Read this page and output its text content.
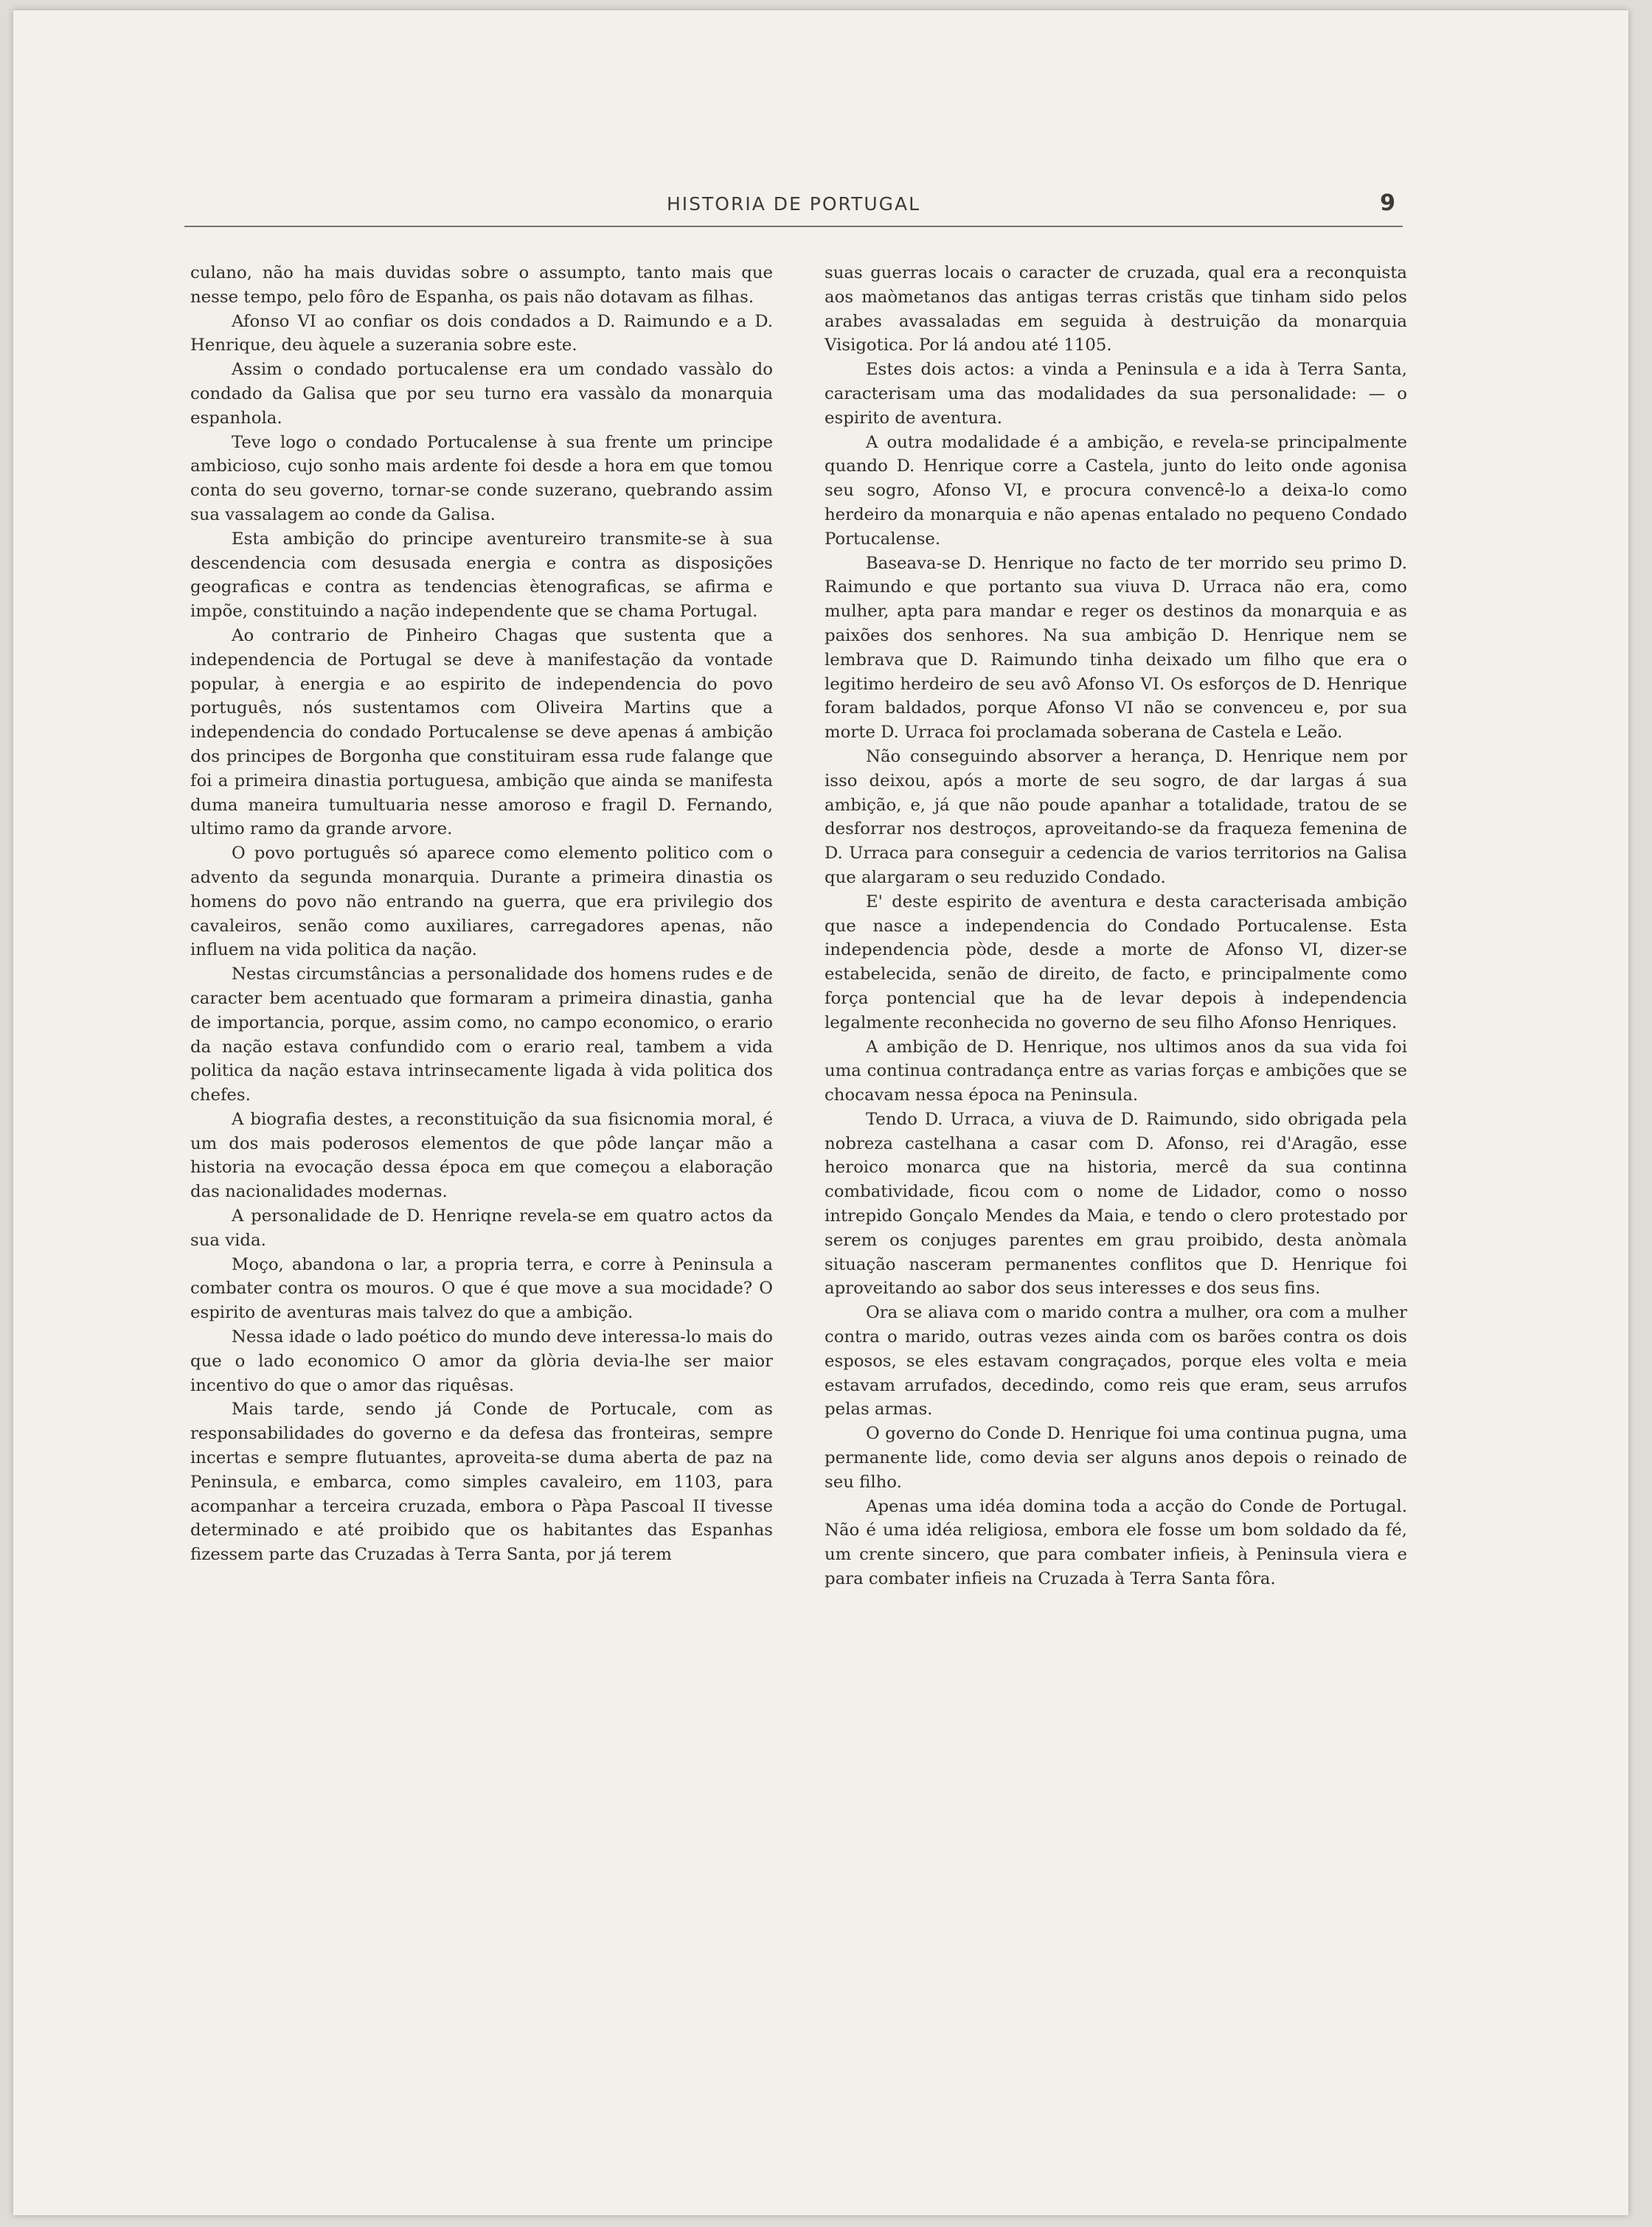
HISTORIA DE PORTUGAL	9

culano, não ha mais duvidas sobre o assumpto, tanto mais que nesse tempo, pelo fôro de Espanha, os pais não dotavam as filhas.

Afonso VI ao confiar os dois condados a D. Raimundo e a D. Henrique, deu àquele a suzerania sobre este.

Assim o condado portucalense era um condado vassàlo do condado da Galisa que por seu turno era vassàlo da monarquia espanhola.

Teve logo o condado Portucalense à sua frente um principe ambicioso, cujo sonho mais ardente foi desde a hora em que tomou conta do seu governo, tornar-se conde suzerano, quebrando assim sua vassalagem ao conde da Galisa.

Esta ambição do principe aventureiro transmite-se à sua descendencia com desusada energia e contra as disposições geograficas e contra as tendencias ètenograficas, se afirma e impõe, constituindo a nação independente que se chama Portugal.

Ao contrario de Pinheiro Chagas que sustenta que a independencia de Portugal se deve à manifestação da vontade popular, à energia e ao espirito de independencia do povo português, nós sustentamos com Oliveira Martins que a independencia do condado Portucalense se deve apenas á ambição dos principes de Borgonha que constituiram essa rude falange que foi a primeira dinastia portuguesa, ambição que ainda se manifesta duma maneira tumultuaria nesse amoroso e fragil D. Fernando, ultimo ramo da grande arvore.

O povo português só aparece como elemento politico com o advento da segunda monarquia. Durante a primeira dinastia os homens do povo não entrando na guerra, que era privilegio dos cavaleiros, senão como auxiliares, carregadores apenas, não influem na vida politica da nação.

Nestas circumstâncias a personalidade dos homens rudes e de caracter bem acentuado que formaram a primeira dinastia, ganha de importancia, porque, assim como, no campo economico, o erario da nação estava confundido com o erario real, tambem a vida politica da nação estava intrinsecamente ligada à vida politica dos chefes.

A biografia destes, a reconstituição da sua fisicnomia moral, é um dos mais poderosos elementos de que pôde lançar mão a historia na evocação dessa época em que começou a elaboração das nacionalidades modernas.

A personalidade de D. Henriqne revela-se em quatro actos da sua vida.

Moço, abandona o lar, a propria terra, e corre à Peninsula a combater contra os mouros. O que é que move a sua mocidade? O espirito de aventuras mais talvez do que a ambição.

Nessa idade o lado poético do mundo deve interessa-lo mais do que o lado economico O amor da glòria devia-lhe ser maior incentivo do que o amor das riquêsas.

Mais tarde, sendo já Conde de Portucale, com as responsabilidades do governo e da defesa das fronteiras, sempre incertas e sempre flutuantes, aproveita-se duma aberta de paz na Peninsula, e embarca, como simples cavaleiro, em 1103, para acompanhar a terceira cruzada, embora o Pàpa Pascoal II tivesse determinado e até proibido que os habitantes das Espanhas fizessem parte das Cruzadas à Terra Santa, por já terem

suas guerras locais o caracter de cruzada, qual era a reconquista aos maòmetanos das antigas terras cristãs que tinham sido pelos arabes avassaladas em seguida à destruição da monarquia Visigotica. Por lá andou até 1105.

Estes dois actos: a vinda a Peninsula e a ida à Terra Santa, caracterisam uma das modalidades da sua personalidade: — o espirito de aventura.

A outra modalidade é a ambição, e revela-se principalmente quando D. Henrique corre a Castela, junto do leito onde agonisa seu sogro, Afonso VI, e procura convencê-lo a deixa-lo como herdeiro da monarquia e não apenas entalado no pequeno Condado Portucalense.

Baseava-se D. Henrique no facto de ter morrido seu primo D. Raimundo e que portanto sua viuva D. Urraca não era, como mulher, apta para mandar e reger os destinos da monarquia e as paixões dos senhores. Na sua ambição D. Henrique nem se lembrava que D. Raimundo tinha deixado um filho que era o legitimo herdeiro de seu avô Afonso VI. Os esforços de D. Henrique foram baldados, porque Afonso VI não se convenceu e, por sua morte D. Urraca foi proclamada soberana de Castela e Leão.

Não conseguindo absorver a herança, D. Henrique nem por isso deixou, após a morte de seu sogro, de dar largas á sua ambição, e, já que não poude apanhar a totalidade, tratou de se desforrar nos destroços, aproveitando-se da fraqueza femenina de D. Urraca para conseguir a cedencia de varios territorios na Galisa que alargaram o seu reduzido Condado.

E' deste espirito de aventura e desta caracterisada ambição que nasce a independencia do Condado Portucalense. Esta independencia pòde, desde a morte de Afonso VI, dizer-se estabelecida, senão de direito, de facto, e principalmente como força pontencial que ha de levar depois à independencia legalmente reconhecida no governo de seu filho Afonso Henriques.

A ambição de D. Henrique, nos ultimos anos da sua vida foi uma continua contradança entre as varias forças e ambições que se chocavam nessa época na Peninsula.

Tendo D. Urraca, a viuva de D. Raimundo, sido obrigada pela nobreza castelhana a casar com D. Afonso, rei d'Aragão, esse heroico monarca que na historia, mercê da sua continna combatividade, ficou com o nome de Lidador, como o nosso intrepido Gonçalo Mendes da Maia, e tendo o clero protestado por serem os conjuges parentes em grau proibido, desta anòmala situação nasceram permanentes conflitos que D. Henrique foi aproveitando ao sabor dos seus interesses e dos seus fins.

Ora se aliava com o marido contra a mulher, ora com a mulher contra o marido, outras vezes ainda com os barões contra os dois esposos, se eles estavam congraçados, porque eles volta e meia estavam arrufados, decedindo, como reis que eram, seus arrufos pelas armas.

O governo do Conde D. Henrique foi uma continua pugna, uma permanente lide, como devia ser alguns anos depois o reinado de seu filho.

Apenas uma idéa domina toda a acção do Conde de Portugal. Não é uma idéa religiosa, embora ele fosse um bom soldado da fé, um crente sincero, que para combater infieis, à Peninsula viera e para combater infieis na Cruzada à Terra Santa fôra.
